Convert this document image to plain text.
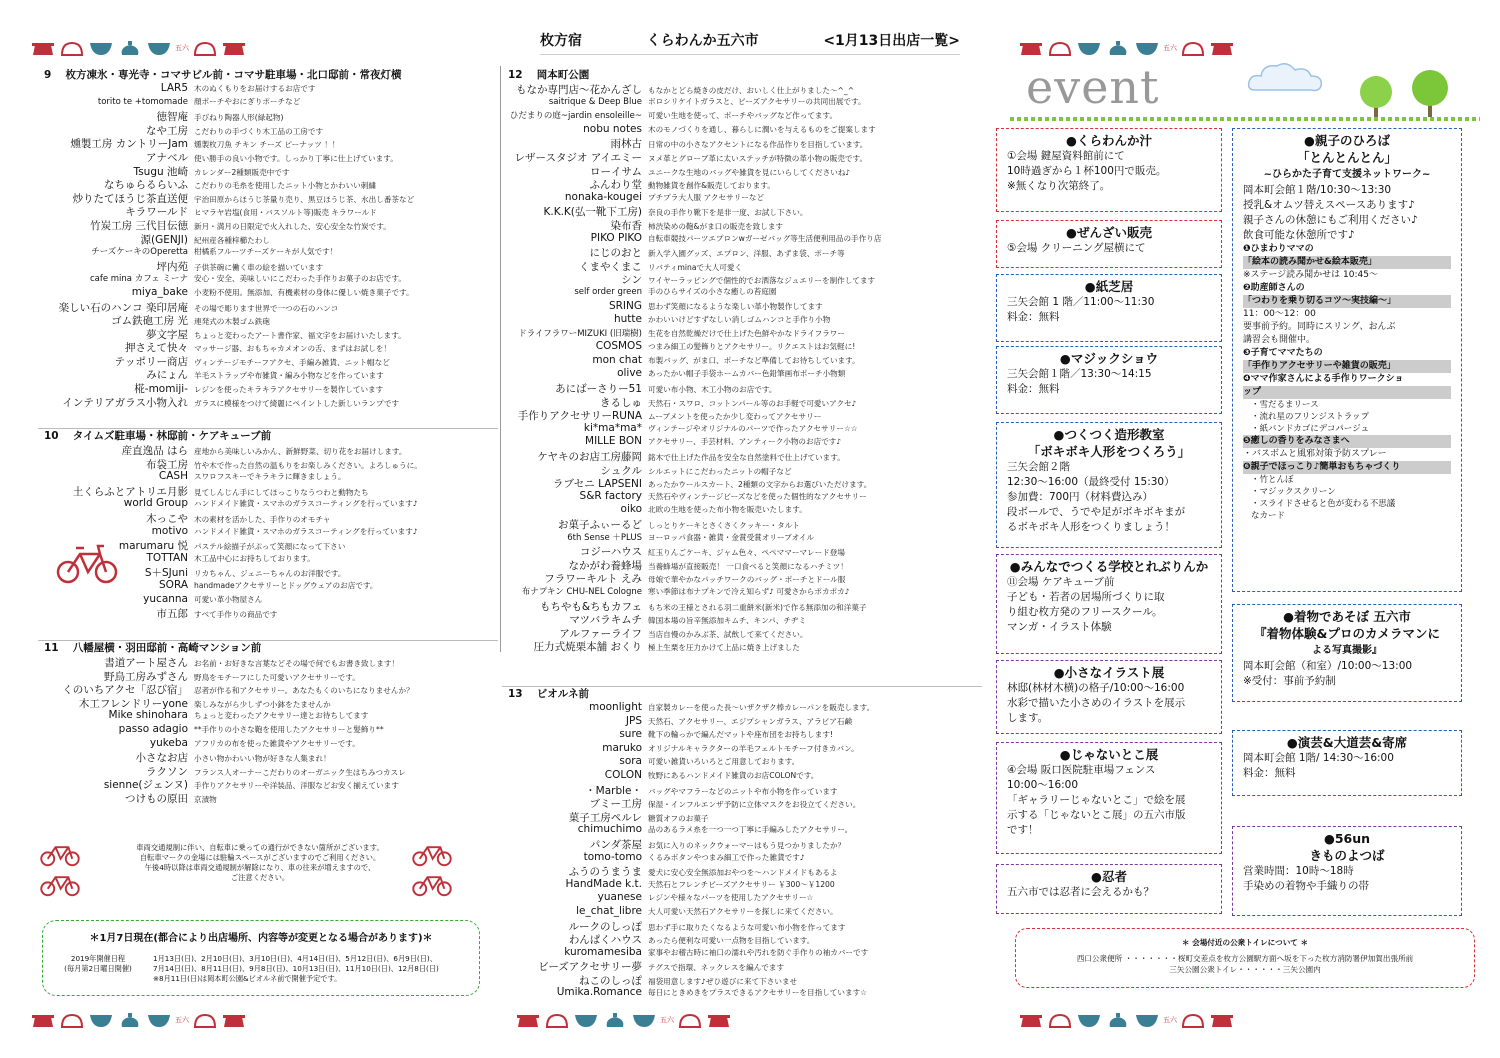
五六	五六
五六	五六	五六
枚方宿	くらわんか五六市	<1月13日出店一覧>
9　 枚方凍氷・専光寺・コマサビル前・コマサ駐車場・北口邸前・常夜灯横
LAR5 木のぬくもりをお届けするお店です
torito te +tomomade 顔ポーチやおにぎりポーチなど
徳智庵 手びねり陶器人形(緑起物)
なや工房 こだわりの手づくり木工品の工房です
燻製工房 カントリーJam 燻製枚刀魚 チキン チーズ ピーナッツ ！！
アナベル 使い勝手の良い小物です。しっかり丁寧に仕上げています。
Tsugu 池崎 カレンダー2種類販売中です
なちゅらるらいふ こだわりの毛糸を使用したニット小物とかわいい刺繍
炒りたてほうじ茶直送便 宇治田原からほうじ茶量り売り、黒豆ほうじ茶、水出し番茶など
キラワールド ヒマラヤ岩塩(食用・バスソルト等)販売 キラワールド
竹炭工房 三代目伝徳 新月・満月の日限定で火入れした、安心安全な竹炭です。
源(GENJI) 紀州産各種梓櫛たわし
チーズケーキのOperetta 柑橘系フルーツチーズケーキが人気です！
坪内苑 子供茶碗に働く車の絵を描いています
cafe mina カフェ ミーナ 安心・安全、美味しいにこだわった手作りお菓子のお店です。
miya_bake 小麦粉不使用。無添加、有機素材の身体に優しい焼き菓子です。
楽しい石のハンコ 楽印居庵 その場で彫ります世界で一つの石のハンコ
ゴム鉄砲工房 光 連発式の木製ゴム鉄砲
夢文字屋 ちょっと変わったアート書作家、福文字をお届けいたします。
押さえて快々 マッサージ器、おもちゃカメオンの舌、まずはお試しを！
テッポリー商店 ヴィンテージモチーフアクセ、手編み雑貨、ニット帽など
みにょん 羊毛ストラップや布雑貨・編み小物などを作っています
椛-momiji- レジンを使ったキラキラアクセサリーを製作しています
インテリアガラス小物入れ ガラスに模様をつけて綺麗にペイントした新しいランプです
10　 タイムズ駐車場・林邸前・ケアキューブ前
産直逸品 はら 産地から美味しいみかん、新鮮野菜、切り花をお届けします。
布袋工房 竹や木で作った自然の温もりをお楽しみください。よろしゅうに。
CASH スワロフスキーでキラキラに輝きましょう。
土くらふとアトリエ月影 見てしんじん手にしてほっこりなうつわと動物たち
world Group ハンドメイド雑貨・スマホのガラスコーティングを行っています♪
木っこや 木の素材を活かした、手作りのオモチャ
motivo ハンドメイド雑貨・スマホのガラスコーティングを行っています♪
marumaru 悦 パステル絵描子がぷって笑顔になって下さい
TOTTAN 木工品中心にお持ちしております。
S＋SJuni リカちゃん、ジェニーちゃんのお洋服です。
SORA handmadeアクセサリーとドッグウェアのお店です。
yucanna 可愛い革小物屋さん
市五郎 すべて手作りの商品です
11　 八幡屋横・羽田邸前・高崎マンション前
書道アート屋さん お名前・お好きな言葉などその場で何でもお書き致します！
野鳥工房みずさん 野鳥をモチーフにした可愛いアクセサリーです。
くのいちアクセ「忍び宿」 忍者が作る和アクセサリー。あなたもくのいちになりませんか？
木工フレンドリーyone 楽しみながら少しずつ小鉢をたませんか
Mike shinohara ちょっと変わったアクセサリー達とお待ちしてます
passo adagio **手作りの小さな鞄を使用したアクセサリーと髪飾り**
yukeba アフリカの布を使った雑貨やアクセサリーです。
小さなお店 小さい物かわいい物が好きな人集まれ！
ラクソン フランス人オーナーこだわりのオーガニック生はちみつカスレ
sienne(ジェンヌ) 手作りアクセサリーや洋装品、洋服などお安く揃えています
つけもの原田 京漬物
車両交通規制に伴い、自転車に乗っての通行ができない箇所がございます。
自転車マークの金場には駐輪スペースがございますのでご利用ください。
午後4時以降は車両交通規制が解除になり、車の往来が増えますので、
ご注意ください。
＊1月7日現在(都合により出店場所、内容等が変更となる場合があります)＊
2019年開催日程
(毎月第2日曜日開催)
1月13日(日)、2月10日(日)、3月10日(日)、4月14日(日)、5月12日(日)、6月9日(日)、
7月14日(日)、8月11日(日)、9月8日(日)、10月13日(日)、11月10日(日)、12月8日(日)
※8月11日(日)は岡本町公園&ビオルネ前で開催予定です。
12　 岡本町公園
もなか専門店～花かんざし もなかとどら焼きの皮だけ、おいしく仕上がりました～^_^
saitrique & Deep Blue ボロシリケイトガラスと、ビーズアクセサリーの共同出展です。
ひだまりの庭~jardin ensoleille~ 可愛い生地を使って、ポーチやバッグなど作ってます。
nobu notes 木のモノづくりを通し、暮らしに潤いを与えるものをご提案します
雨林古 日常の中の小さなアクセントになる作品作りを目指しています。
レザースタジオ アイエミー ヌメ革とグローブ革に太いステッチが特徴の革小物の販売です。
ローイサム ユニークな生地のバッグや雑貨を見にいらしてくださいね♪
ふんわり堂 動物雑貨を創作&販売しております。
nonaka-kougei プチプラ大人服 アクセサリーなど
K.K.K(弘一靴下工房) 奈良の手作り靴下を是非一度、お試し下さい。
染布香 柿渋染めの鞄&がま口の販売を致します
PIKO PIKO 自転車競技パーツエプロンwガーゼバッグ等生活便利用品の手作り店
にじのおと 新入学入園グッズ、エプロン、洋服、あずま袋、ポーチ等
くまやくまこ リバティminaで大人可愛く
シン ワイヤーラッピングで個性的でお洒落なジュエリーを制作してます
self order green 手のひらサイズの小さな癒しの苔庭園
SRING 思わず笑顔になるような楽しい革小物製作してます
hutte かわいいけどすずなしい消しゴムハンコと手作り小物
ドライフラワーMIZUKI (旧瑞樹) 生花を自然乾燥だけで仕上げた色鮮やかなドライフラワー
COSMOS つまみ細工の髪飾りとアクセサリー。リクエストはお気軽に!
mon chat 布製バッグ、がま口、ポーチなど準備してお待ちしています。
olive あったかい帽子手袋ホームカバー色鉛筆画布ポーチ小物類
あにばーさりー51 可愛い布小物、木工小物のお店です。
きるしゅ 天然石・スワロ、コットンパール等のお手軽で可愛いアクセ♪
手作りアクセサリーRUNA ムーブメントを使ったか少し変わってアクセサリー
ki*ma*ma* ヴィンテージやオリジナルのパーツで作ったアクセサリー☆☆
MILLE BON アクセサリー、手芸材料、アンティーク小物のお店です♪
ケヤキのお店工房藤岡 銘木で仕上げた作品を安全な自然塗料で仕上げています。
シュクル シルエットにこだわったニットの帽子など
ラブセニ LAPSENI あったかウールスカート、2種類の文字からお選びいただけます。
S&R factory 天然石やヴィンテージビーズなどを使った個性的なアクセサリー
oiko 北欧の生地を使った布小物を販売いたします。
お菓子ふぃーるど しっとりケーキとさくさくクッキー・タルト
6th Sense ＋PLUS ヨーロッパ食器・雑貨・金賞受賞オリーブオイル
コジーハウス 紅玉りんごケーキ、ジャム色々、ペペママーマレード登場
なかがわ養蜂場 当養蜂場が直接販売！ 一口食べると笑顔になるハチミツ！
フラワーキルト えみ 母娘で華やかなパッチワークのバッグ・ポーチとドール服
布ナプキン CHU-NEL Cologne 寒い季節は布ナプキンで冷え知らず♪ 可愛さからポカポカ♪
もちやも&ちもカフェ もち米の王様とされる羽二重餅米(新米)で作る無添加の和洋菓子
マツバラキムチ 韓国本場の旨辛無添加キムチ、キンパ、チヂミ
アルファーライフ 当店自慢のかみぶ茶、試飲して来てください。
圧力式焼栗本舗 おくり 極上生栗を圧力かけて上品に焼き上げました
13　 ビオルネ前
moonlight 自家製カレーを使った長～いザクザク棒カレーパンを販売します。
JPS 天然石、アクセサリー、エジプシャンガラス、アラビア石鹸
sure 靴下の輪っかで編んだマットや座布団をお持ちします!
maruko オリジナルキャラクターの羊毛フェルトモチーフ付きカバン。
sora 可愛い雑貨いろいろとご用意しております。
COLON 牧野にあるハンドメイド雑貨のお店COLONです。
・Marble・ バッグやマフラーなどのニットや布小物を作っています
ブミー工房 保湿・インフルエンザ予防に立体マスクをお役立てください。
菓子工房ペルレ 糖質オフのお菓子
chimuchimo 品のあるラメ糸を一つ一つ丁寧に手編みしたアクセサリー。
パンダ茶屋 お気に入りのネックウォーマーはもう見つかりましたか？
tomo-tomo くるみボタンやつまみ細工で作った雑貨です♪
ふうのうまうま 愛犬に安心安全無添加おやつを～ハンドメイドもあるよ
HandMade k.t. 天然石とフレンチビーズアクセサリー ￥300～￥1200
yuanese レジンや様々なパーツを使用したアクセサリー☆
le_chat_libre 大人可愛い天然石アクセサリーを探しに来てください。
ルークのしっぽ 思わず手に取りたくなるような可愛い布小物を作ってます
わんぱくハウス あったら便利な可愛い一点物を目指しています。
kuromamesiba 家事やお稽古時に袖口の濡れや汚れを防ぐ手作りの袖カバーです
ビーズアクセサリー夢 テグスで指環、ネックレスを編んでます
ねこのしっぽ 福袋用意します♪ぜひ遊びに来て下さいませ
Umika.Romance 毎日にときめきをプラスできるアクセサリーを目指しています☆
event
●くらわんか汁
①会場 鍵屋資料館前にて
10時過ぎから１杯100円で販売。
※無くなり次第終了。
●ぜんざい販売
⑤会場 クリーニング屋横にて
●紙芝居
三矢会館 1 階／11:00～11:30
料金：無料
●マジックショウ
三矢会館１階／13:30～14:15
料金：無料
●つくつく造形教室
「ボキボキ人形をつくろう」
三矢会館２階
12:30～16:00（最終受付 15:30）
参加費：700円（材料費込み）
段ボールで、うでや足がボキボキまが
るボキボキ人形をつくりましょう！
●みんなでつくる学校とれぶりんか
⑪会場 ケアキューブ前
子ども・若者の居場所づくりに取
り組む枚方発のフリースクール。
マンガ・イラスト体験
●小さなイラスト展
林邸(林材木横)の格子/10:00～16:00
水彩で描いた小さめのイラストを展示
します。
●じゃないとこ展
④会場 阪口医院駐車場フェンス
10:00～16:00
「ギャラリーじゃないとこ」で絵を展
示する「じゃないとこ展」の五六市版
です！
●忍者
五六市では忍者に会えるかも？
●親子のひろば
「とんとんとん」
~ひらかた子育て支援ネットワーク~
岡本町会館１階/10:30～13:30
授乳&オムツ替えスペースあります♪
親子さんの休憩にもご利用ください♪
飲食可能な休憩所です♪
❶ひまわりママの
「絵本の読み聞かせ&絵本販売」
※ステージ読み聞かせは 10:45～
❷助産師さんの
「つわりを乗り切るコツ～実技編～」
11：00～12：00
要事前予約。同時にスリング、おんぶ
講習会も開催中。
❸子育てママたちの
「手作りアクセサリーや雑貨の販売」
❹ママ作家さんによる手作りワークショ
ップ
・雪だるまリース
・流れ星のフリンジストラップ
・紙バンドカゴにデコパージュ
❺癒しの香りをみなさまへ
・バスボムと風邪対策予防スプレー
❻親子でほっこり♪簡単おもちゃづくり
・竹とんぼ
・マジックスクリーン
・スライドさせると色が変わる不思議
なカード
●着物であそぼ 五六市
『着物体験&プロのカメラマンに
よる写真撮影』
岡本町会館（和室）/10:00～13:00
※受付：事前予約制
●演芸&大道芸&寄席
岡本町会館 1階/ 14:30～16:00
料金：無料
●56un
きものよつば
営業時間：10時～18時
手染めの着物や手織りの帯
＊ 会場付近の公衆トイレについて ＊
西口公衆便所 ・・・・・・・桜町交差点を枚方公園駅方面へ坂を下った枚方消防署伊加賀出張所前
三矢公園公衆トイレ・・・・・・三矢公園内
